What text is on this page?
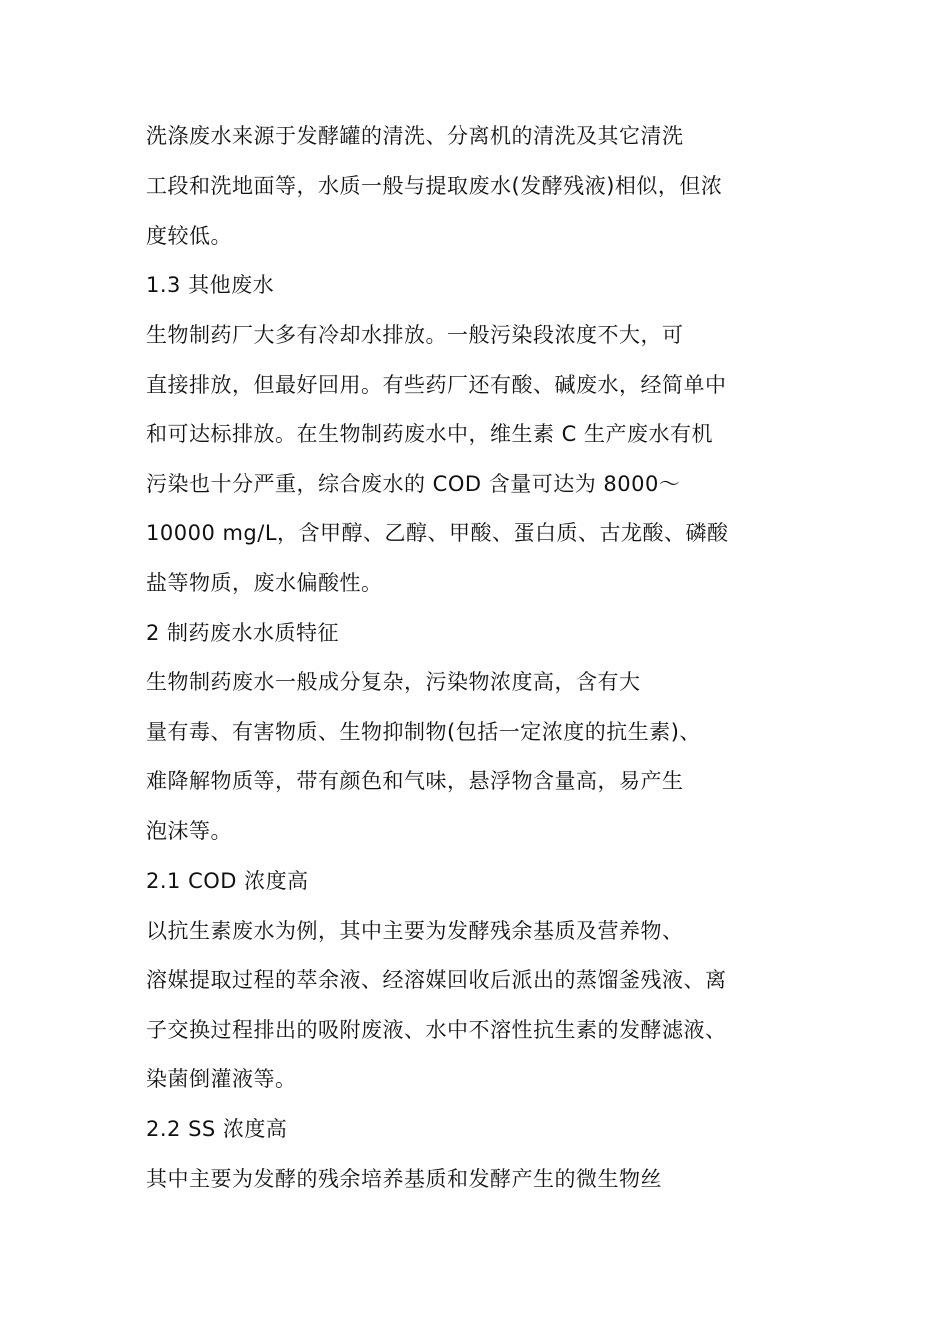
洗涤废水来源于发酵罐的清洗、分离机的清洗及其它清洗
工段和洗地面等，水质一般与提取废水(发酵残液)相似，但浓
度较低。
1.3 其他废水
生物制药厂大多有冷却水排放。一般污染段浓度不大，可
直接排放，但最好回用。有些药厂还有酸、碱废水，经简单中
和可达标排放。在生物制药废水中，维生素 C 生产废水有机
污染也十分严重，综合废水的 COD 含量可达为 8000～
10000 mg/L，含甲醇、乙醇、甲酸、蛋白质、古龙酸、磷酸
盐等物质，废水偏酸性。
2 制药废水水质特征
生物制药废水一般成分复杂，污染物浓度高，含有大
量有毒、有害物质、生物抑制物(包括一定浓度的抗生素)、
难降解物质等，带有颜色和气味，悬浮物含量高，易产生
泡沫等。
2.1 COD 浓度高
以抗生素废水为例，其中主要为发酵残余基质及营养物、
溶媒提取过程的萃余液、经溶媒回收后派出的蒸馏釜残液、离
子交换过程排出的吸附废液、水中不溶性抗生素的发酵滤液、
染菌倒灌液等。
2.2 SS 浓度高
其中主要为发酵的残余培养基质和发酵产生的微生物丝
